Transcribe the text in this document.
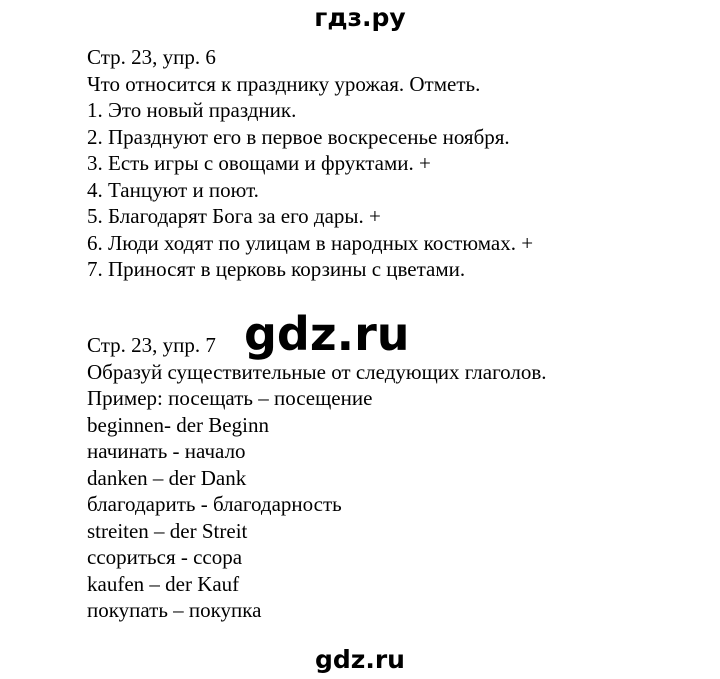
гдз.ру
Стр. 23, упр. 6
Что относится к празднику урожая. Отметь.
1. Это новый праздник.
2. Празднуют его в первое воскресенье ноября.
3. Есть игры с овощами и фруктами. +
4. Танцуют и поют.
5. Благодарят Бога за его дары. +
6. Люди ходят по улицам в народных костюмах. +
7. Приносят в церковь корзины с цветами.
Стр. 23, упр. 7
Образуй существительные от следующих глаголов.
Пример: посещать – посещение
beginnen- der Beginn
начинать - начало
danken – der Dank
благодарить - благодарность
streiten – der Streit
ссориться - ссора
kaufen – der Kauf
покупать – покупка
gdz.ru
gdz.ru
